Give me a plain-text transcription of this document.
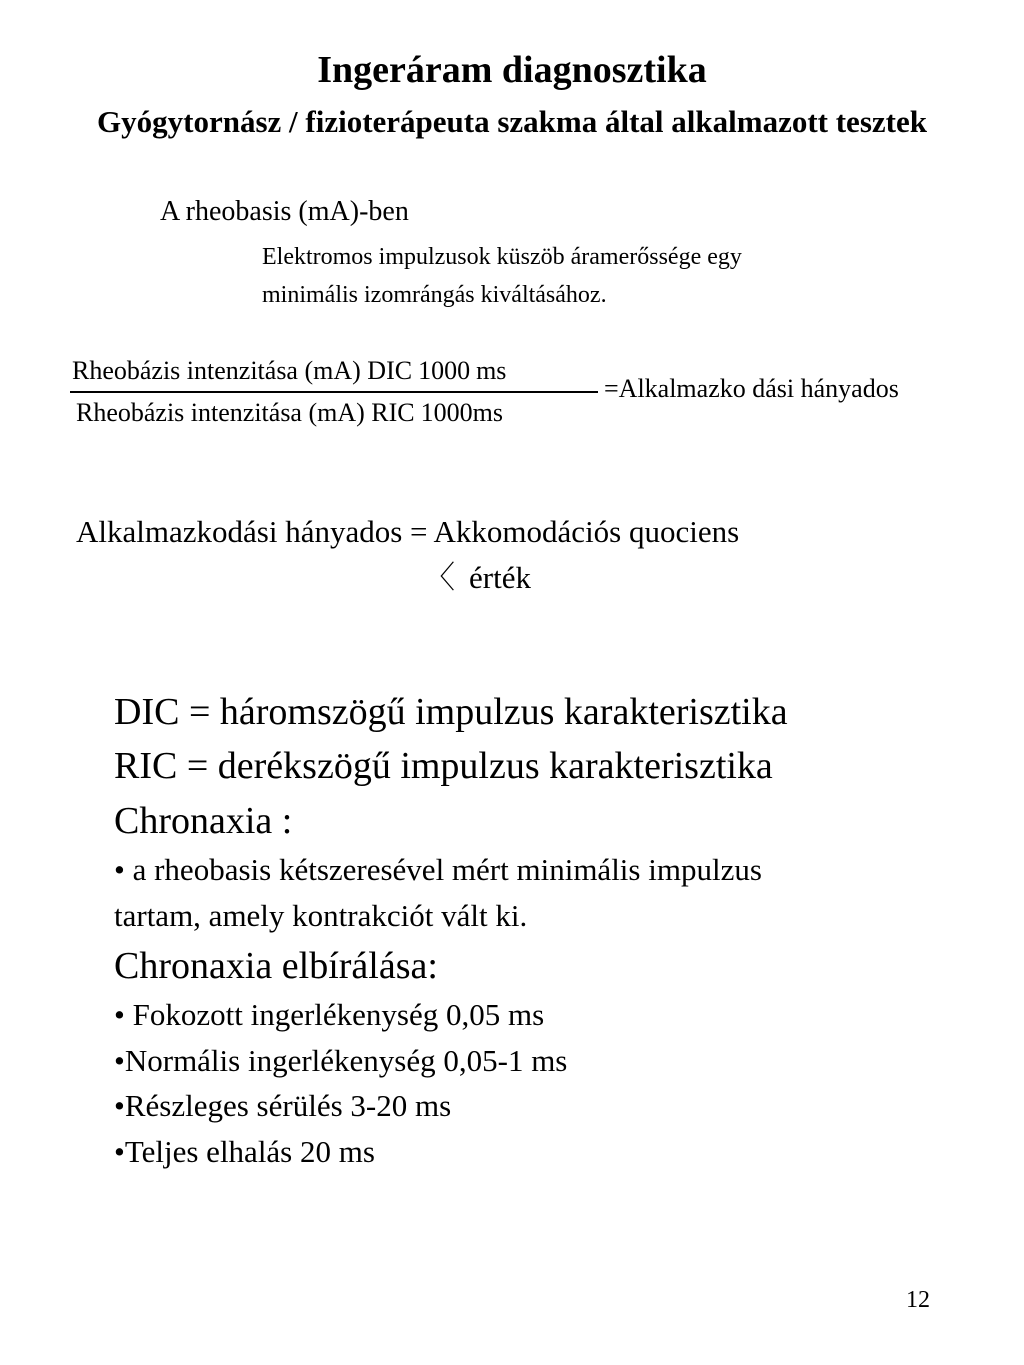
Ingeráram diagnosztika
Gyógytornász / fizioterápeuta szakma által alkalmazott tesztek
A rheobasis (mA)-ben
Elektromos impulzusok küszöb áramerőssége egy
minimális izomrángás kiváltásához.
Rheobázis intenzitása (mA) DIC 1000 ms
Rheobázis intenzitása (mA) RIC 1000ms
=Alkalmazko dási hányados
Alkalmazkodási hányados = Akkomodációs quociens
〈 érték
DIC = háromszögű impulzus karakterisztika
RIC = derékszögű impulzus karakterisztika
Chronaxia :
• a rheobasis kétszeresével mért minimális impulzus
tartam, amely kontrakciót vált ki.
Chronaxia elbírálása:
• Fokozott ingerlékenység 0,05 ms
•Normális ingerlékenység 0,05-1 ms
•Részleges sérülés 3-20 ms
•Teljes elhalás 20 ms
12
